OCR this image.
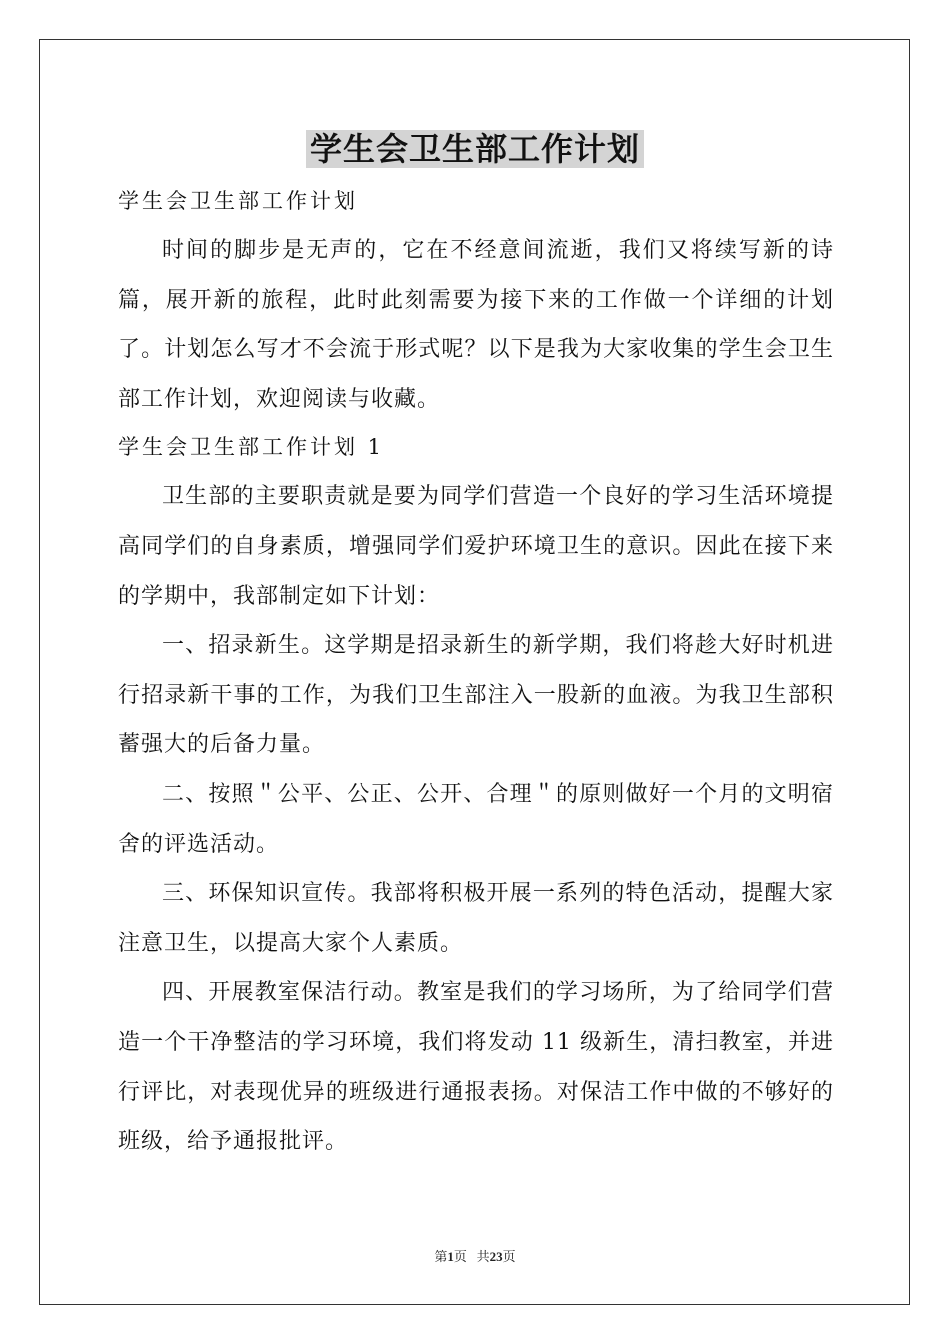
学生会卫生部工作计划

学生会卫生部工作计划

时间的脚步是无声的，它在不经意间流逝，我们又将续写新的诗篇，展开新的旅程，此时此刻需要为接下来的工作做一个详细的计划了。计划怎么写才不会流于形式呢？以下是我为大家收集的学生会卫生部工作计划，欢迎阅读与收藏。

学生会卫生部工作计划 1

卫生部的主要职责就是要为同学们营造一个良好的学习生活环境提高同学们的自身素质，增强同学们爱护环境卫生的意识。因此在接下来的学期中，我部制定如下计划：

一、招录新生。这学期是招录新生的新学期，我们将趁大好时机进行招录新干事的工作，为我们卫生部注入一股新的血液。为我卫生部积蓄强大的后备力量。

二、按照＂公平、公正、公开、合理＂的原则做好一个月的文明宿舍的评选活动。

三、环保知识宣传。我部将积极开展一系列的特色活动，提醒大家注意卫生，以提高大家个人素质。

四、开展教室保洁行动。教室是我们的学习场所，为了给同学们营造一个干净整洁的学习环境，我们将发动 11 级新生，清扫教室，并进行评比，对表现优异的班级进行通报表扬。对保洁工作中做的不够好的班级，给予通报批评。

第1页 共23页
